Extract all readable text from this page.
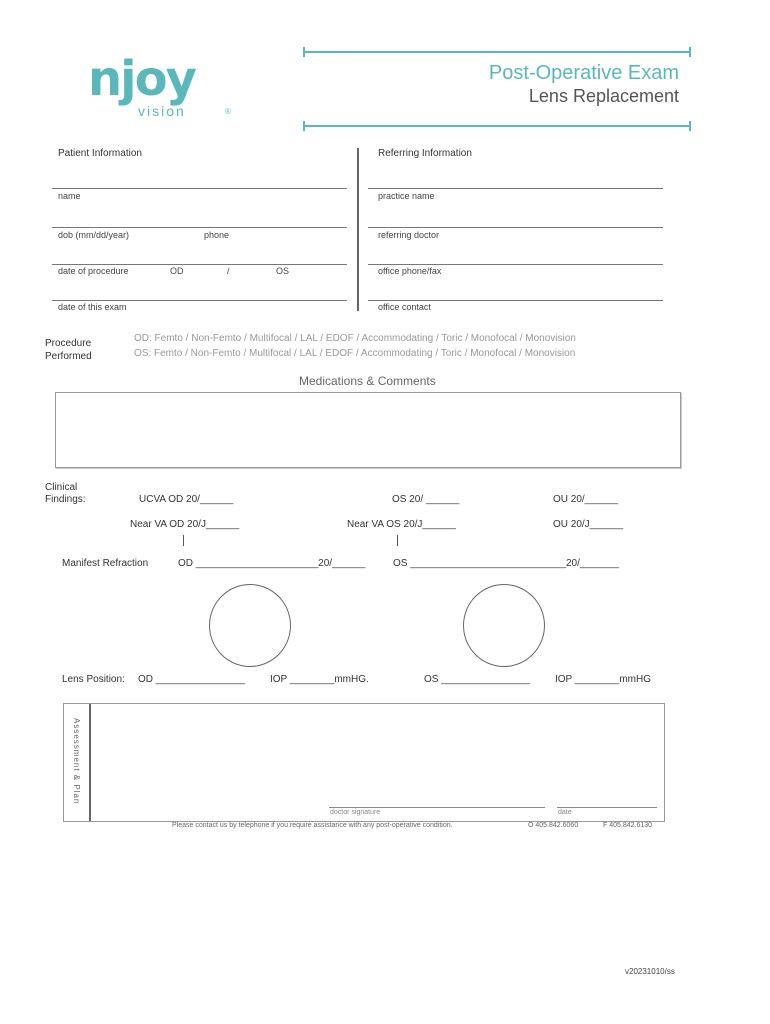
njoy
vision	®
Post-Operative Exam
Lens Replacement
Patient Information
name
dob (mm/dd/year)	phone
date of procedure	OD	/	OS
date of this exam
Referring Information
practice name
referring doctor
office phone/fax
office contact
Procedure
Performed
OD: Femto / Non-Femto / Multifocal / LAL / EDOF / Accommodating / Toric / Monofocal / Monovision
OS: Femto / Non-Femto / Multifocal / LAL / EDOF / Accommodating / Toric / Monofocal / Monovision
Medications & Comments
Clinical
Findings:	UCVA OD 20/______	OS 20/ ______	OU 20/______
Near VA OD 20/J______	Near VA OS 20/J______	OU 20/J______
Manifest Refraction	OD ______________________20/______	OS ____________________________20/_______
Lens Position: OD ________________	IOP ________mmHG.	OS ________________ IOP ________mmHG
Assessment & Plan
doctor signature	date
Please contact us by telephone if you require assistance with any post-operative condition.	O 405.842.6060	F 405.842.6130
v20231010/ss
